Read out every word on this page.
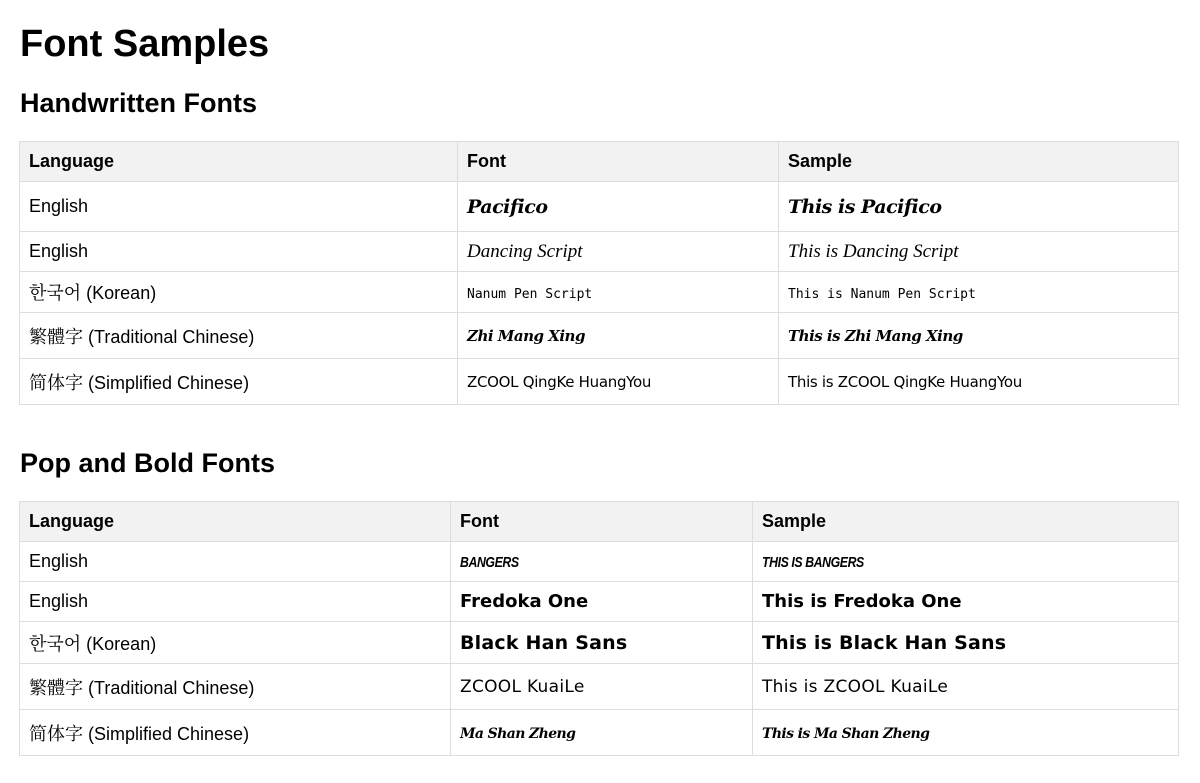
Font Samples
Handwritten Fonts
Language	Font	Sample
English	Pacifico	This is Pacifico
English	Dancing Script	This is Dancing Script
한국어 (Korean)	Nanum Pen Script	This is Nanum Pen Script
繁體字 (Traditional Chinese)	Zhi Mang Xing	This is Zhi Mang Xing
简体字 (Simplified Chinese)	ZCOOL QingKe HuangYou	This is ZCOOL QingKe HuangYou
Pop and Bold Fonts
Language	Font	Sample
English	BANGERS	THIS IS BANGERS
English	Fredoka One	This is Fredoka One
한국어 (Korean)	Black Han Sans	This is Black Han Sans
繁體字 (Traditional Chinese)	ZCOOL KuaiLe	This is ZCOOL KuaiLe
简体字 (Simplified Chinese)	Ma Shan Zheng	This is Ma Shan Zheng
